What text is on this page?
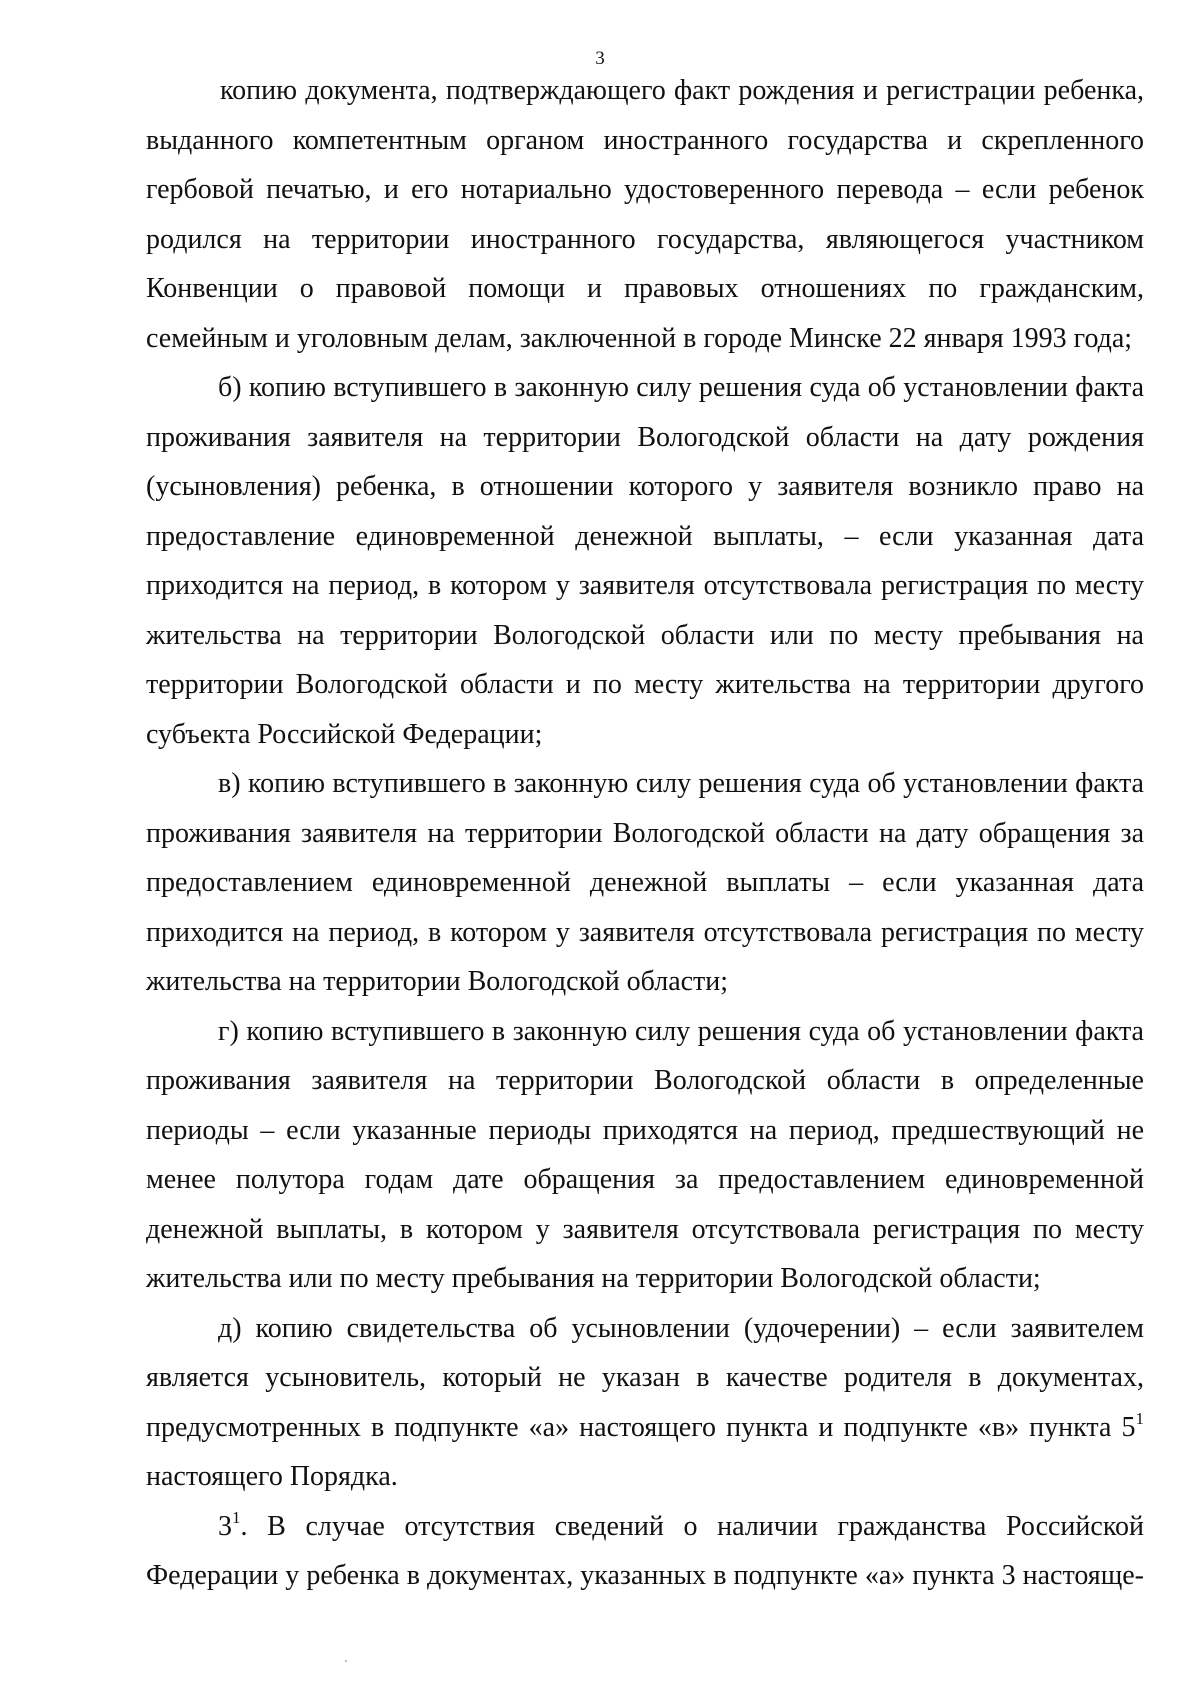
3

копию документа, подтверждающего факт рождения и регистрации ребенка, выданного компетентным органом иностранного государства и скрепленного гербовой печатью, и его нотариально удостоверенного перевода – если ребенок родился на территории иностранного государства, являющегося участником Конвенции о правовой помощи и правовых отношениях по гражданским, семейным и уголовным делам, заключенной в городе Минске 22 января 1993 года;

б) копию вступившего в законную силу решения суда об установлении факта проживания заявителя на территории Вологодской области на дату рождения (усыновления) ребенка, в отношении которого у заявителя возникло право на предоставление единовременной денежной выплаты, – если указанная дата приходится на период, в котором у заявителя отсутствовала регистрация по месту жительства на территории Вологодской области или по месту пребывания на территории Вологодской области и по месту жительства на территории другого субъекта Российской Федерации;

в) копию вступившего в законную силу решения суда об установлении факта проживания заявителя на территории Вологодской области на дату обращения за предоставлением единовременной денежной выплаты – если указанная дата приходится на период, в котором у заявителя отсутствовала регистрация по месту жительства на территории Вологодской области;

г) копию вступившего в законную силу решения суда об установлении факта проживания заявителя на территории Вологодской области в определенные периоды – если указанные периоды приходятся на период, предшествующий не менее полутора годам дате обращения за предоставлением единовременной денежной выплаты, в котором у заявителя отсутствовала регистрация по месту жительства или по месту пребывания на территории Вологодской области;

д) копию свидетельства об усыновлении (удочерении) – если заявителем является усыновитель, который не указан в качестве родителя в документах, предусмотренных в подпункте «а» настоящего пункта и подпункте «в» пункта $5^1$ настоящего Порядка.

$3^1$. В случае отсутствия сведений о наличии гражданства Российской Федерации у ребенка в документах, указанных в подпункте «а» пункта 3 настояще-
